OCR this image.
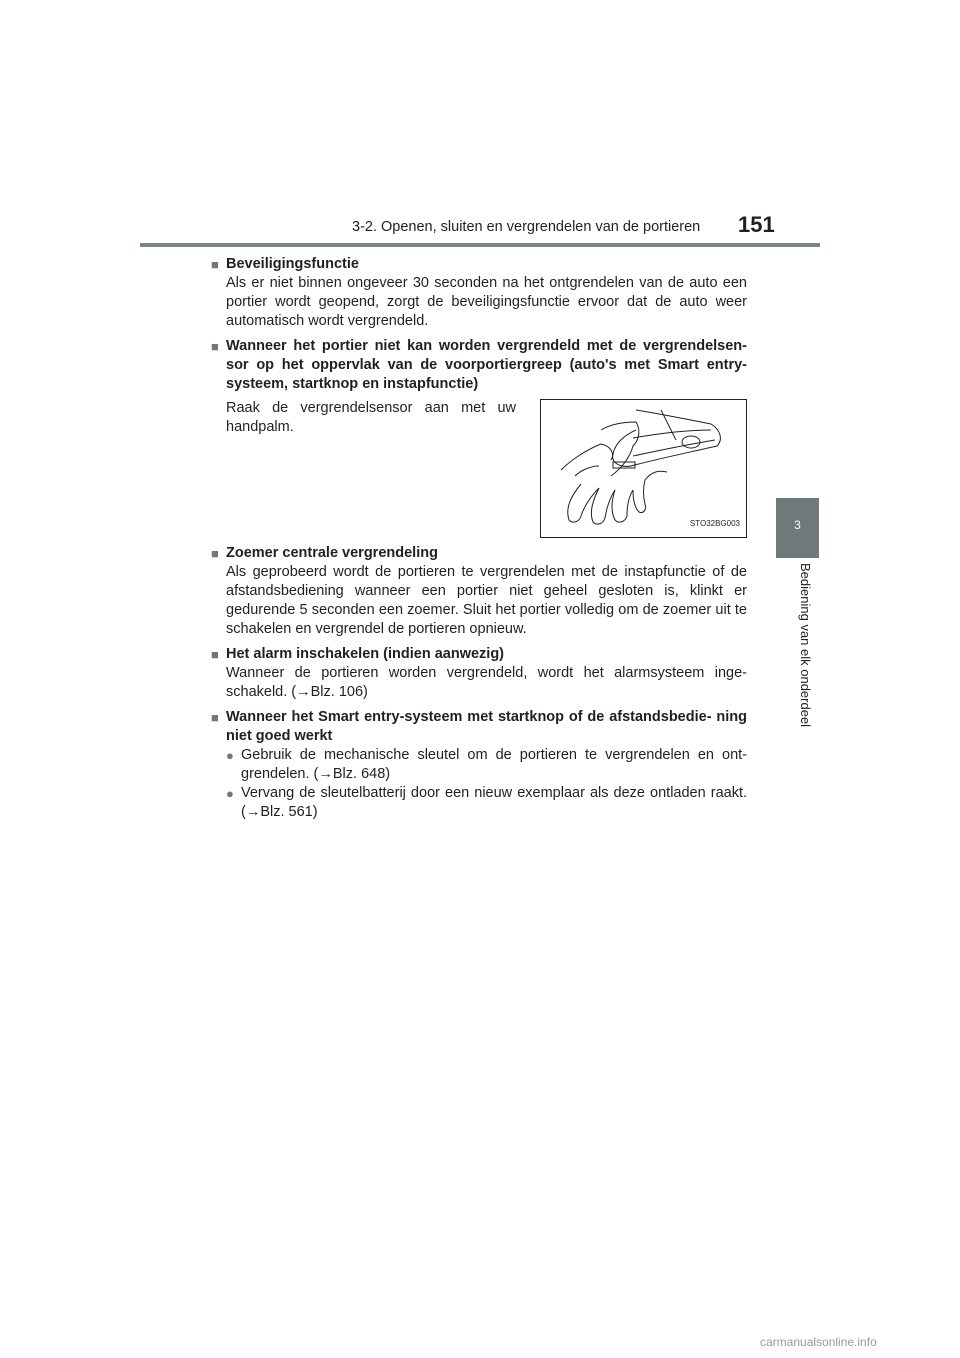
3-2. Openen, sluiten en vergrendelen van de portieren 151
3
Bediening van elk onderdeel
■ Beveiligingsfunctie
Als er niet binnen ongeveer 30 seconden na het ontgrendelen van de auto een portier wordt geopend, zorgt de beveiligingsfunctie ervoor dat de auto weer automatisch wordt vergrendeld.
■ Wanneer het portier niet kan worden vergrendeld met de vergrendelsen- sor op het oppervlak van de voorportiergreep (auto's met Smart entry- systeem, startknop en instapfunctie)
Raak de vergrendelsensor aan met uw handpalm.
STO32BG003
■ Zoemer centrale vergrendeling
Als geprobeerd wordt de portieren te vergrendelen met de instapfunctie of de afstandsbediening wanneer een portier niet geheel gesloten is, klinkt er gedurende 5 seconden een zoemer. Sluit het portier volledig om de zoemer uit te schakelen en vergrendel de portieren opnieuw.
■ Het alarm inschakelen (indien aanwezig)
Wanneer de portieren worden vergrendeld, wordt het alarmsysteem inge- schakeld. (→Blz. 106)
■ Wanneer het Smart entry-systeem met startknop of de afstandsbedie- ning niet goed werkt
● Gebruik de mechanische sleutel om de portieren te vergrendelen en ont- grendelen. (→Blz. 648)
● Vervang de sleutelbatterij door een nieuw exemplaar als deze ontladen raakt. (→Blz. 561)
carmanualsonline.info
